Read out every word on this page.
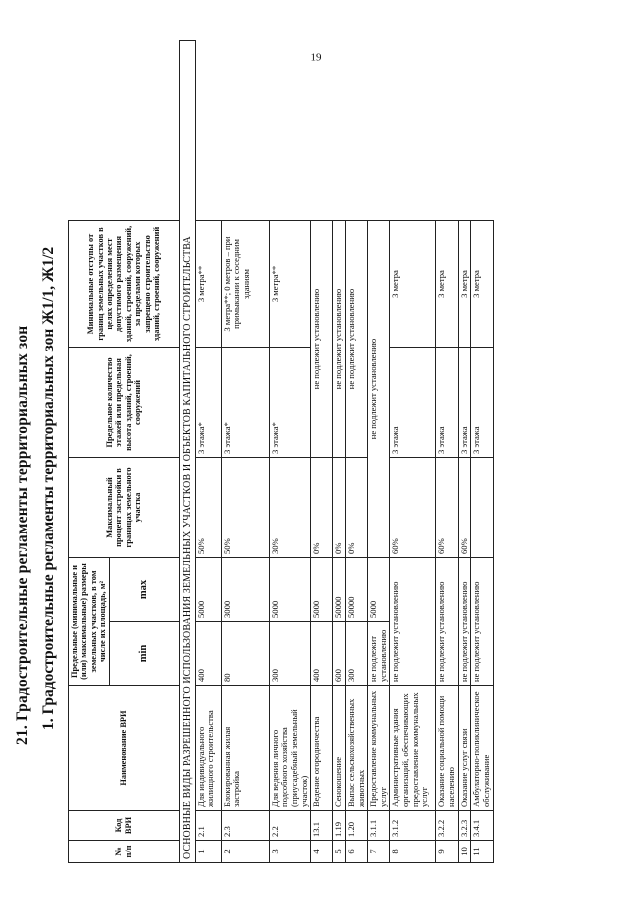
19
21. Градостроительные регламенты территориальных зон 1. Градостроительные регламенты территориальных зон Ж1/1, Ж1/2
№ п/п	Код ВРИ	Наименование ВРИ	Предельные (минимальные и (или) максимальные) размеры земельных участков, в том числе их площадь, м²		Максимальный процент застройки в границах земельного участка	Предельное количество этажей или предельная высота зданий, строений, сооружений	Минимальные отступы от границ земельных участков в целях определения мест допустимого размещения зданий, строений, сооружений, за пределами которых запрещено строительство зданий, строений, сооружений
			min	max			
ОСНОВНЫЕ ВИДЫ РАЗРЕШЕННОГО ИСПОЛЬЗОВАНИЯ ЗЕМЕЛЬНЫХ УЧАСТКОВ И ОБЪЕКТОВ КАПИТАЛЬНОГО СТРОИТЕЛЬСТВА							
1	2.1	Для индивидуального жилищного строительства	400	5000	50%	3 этажа*	3 метра**
2	2.3	Блокированная жилая застройка	80	3000	50%	3 этажа*	3 метра**; 0 метров – при примыкании к соседним зданиям
3	2.2	Для ведения личного подсобного хозяйства (приусадебный земельный участок)	300	5000	30%	3 этажа*	3 метра**
4	13.1	Ведение огородничества	400	5000	0%	не подлежит установлению	
5	1.19	Сенокошение	600	50000	0%	не подлежит установлению	
6	1.20	Выпас сельскохозяйственных животных	300	50000	0%	не подлежит установлению	
7	3.1.1	Предоставление коммунальных услуг	не подлежит установлению	5000	не подлежит установлению		
8	3.1.2	Административные здания организаций, обеспечивающих предоставление коммунальных услуг	не подлежит установлению		60%	3 этажа	3 метра
9	3.2.2	Оказание социальной помощи населению	не подлежит установлению		60%	3 этажа	3 метра
10	3.2.3	Оказание услуг связи	не подлежит установлению		60%	3 этажа	3 метра
11	3.4.1	Амбулаторно-поликлиническое обслуживание	не подлежит установлению			3 этажа	3 метра
